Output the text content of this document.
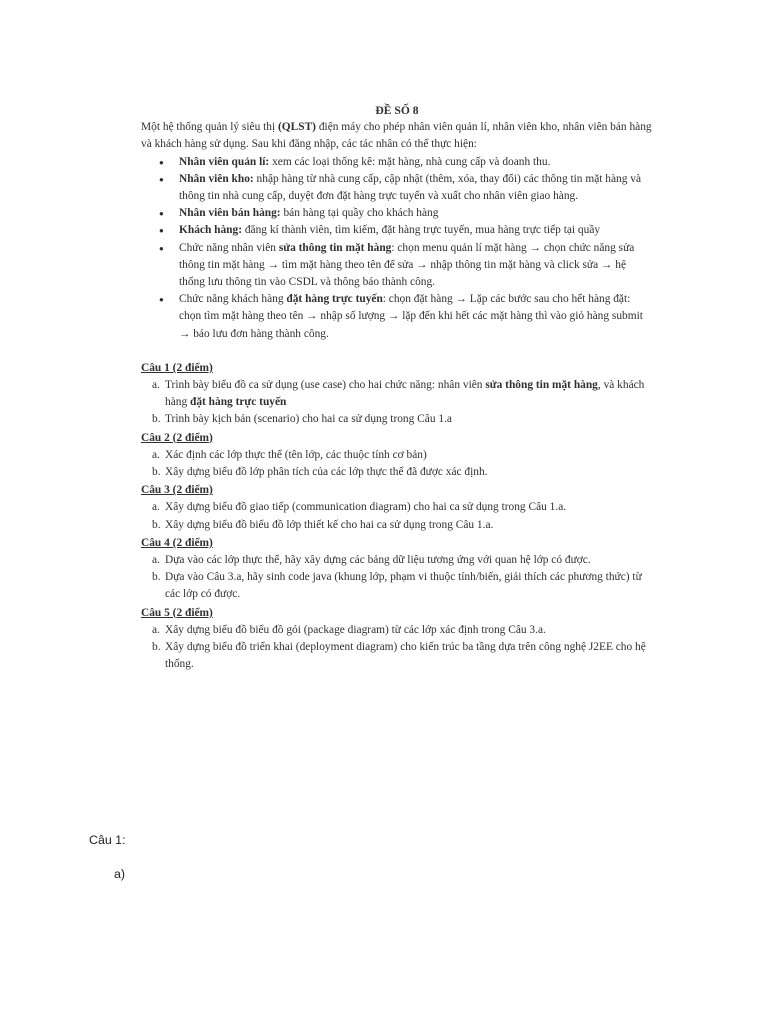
ĐỀ SỐ 8

Một hệ thống quản lý siêu thị (QLST) điện máy cho phép nhân viên quản lí, nhân viên kho, nhân viên bán hàng và khách hàng sử dụng. Sau khi đăng nhập, các tác nhân có thể thực hiện:

● Nhân viên quản lí: xem các loại thống kê: mặt hàng, nhà cung cấp và doanh thu.
● Nhân viên kho: nhập hàng từ nhà cung cấp, cập nhật (thêm, xóa, thay đổi) các thông tin mặt hàng và thông tin nhà cung cấp, duyệt đơn đặt hàng trực tuyến và xuất cho nhân viên giao hàng.
● Nhân viên bán hàng: bán hàng tại quầy cho khách hàng
● Khách hàng: đăng kí thành viên, tìm kiếm, đặt hàng trực tuyến, mua hàng trực tiếp tại quầy
● Chức năng nhân viên sửa thông tin mặt hàng: chọn menu quản lí mặt hàng → chọn chức năng sửa thông tin mặt hàng → tìm mặt hàng theo tên để sửa → nhập thông tin mặt hàng và click sửa → hệ thống lưu thông tin vào CSDL và thông báo thành công.
● Chức năng khách hàng đặt hàng trực tuyến: chọn đặt hàng → Lặp các bước sau cho hết hàng đặt: chọn tìm mặt hàng theo tên → nhập số lượng → lặp đến khi hết các mặt hàng thì vào giỏ hàng submit → báo lưu đơn hàng thành công.

Câu 1 (2 điểm)

a. Trình bày biểu đồ ca sử dụng (use case) cho hai chức năng: nhân viên sửa thông tin mặt hàng, và khách hàng đặt hàng trực tuyến

b. Trình bày kịch bản (scenario) cho hai ca sử dụng trong Câu 1.a

Câu 2 (2 điểm)

a. Xác định các lớp thực thể (tên lớp, các thuộc tính cơ bản)

b. Xây dựng biểu đồ lớp phân tích của các lớp thực thể đã được xác định.

Câu 3 (2 điểm)

a. Xây dựng biểu đồ giao tiếp (communication diagram) cho hai ca sử dụng trong Câu 1.a.

b. Xây dựng biểu đồ biểu đồ lớp thiết kế cho hai ca sử dụng trong Câu 1.a.

Câu 4 (2 điểm)

a. Dựa vào các lớp thực thể, hãy xây dựng các bảng dữ liệu tương ứng với quan hệ lớp có được.

b. Dựa vào Câu 3.a, hãy sinh code java (khung lớp, phạm vi thuộc tính/biến, giải thích các phương thức) từ các lớp có được.

Câu 5 (2 điểm)

a. Xây dựng biểu đồ biểu đồ gói (package diagram) từ các lớp xác định trong Câu 3.a.

b. Xây dựng biểu đồ triển khai (deployment diagram) cho kiến trúc ba tầng dựa trên công nghệ J2EE cho hệ thống.

Câu 1:

a)
